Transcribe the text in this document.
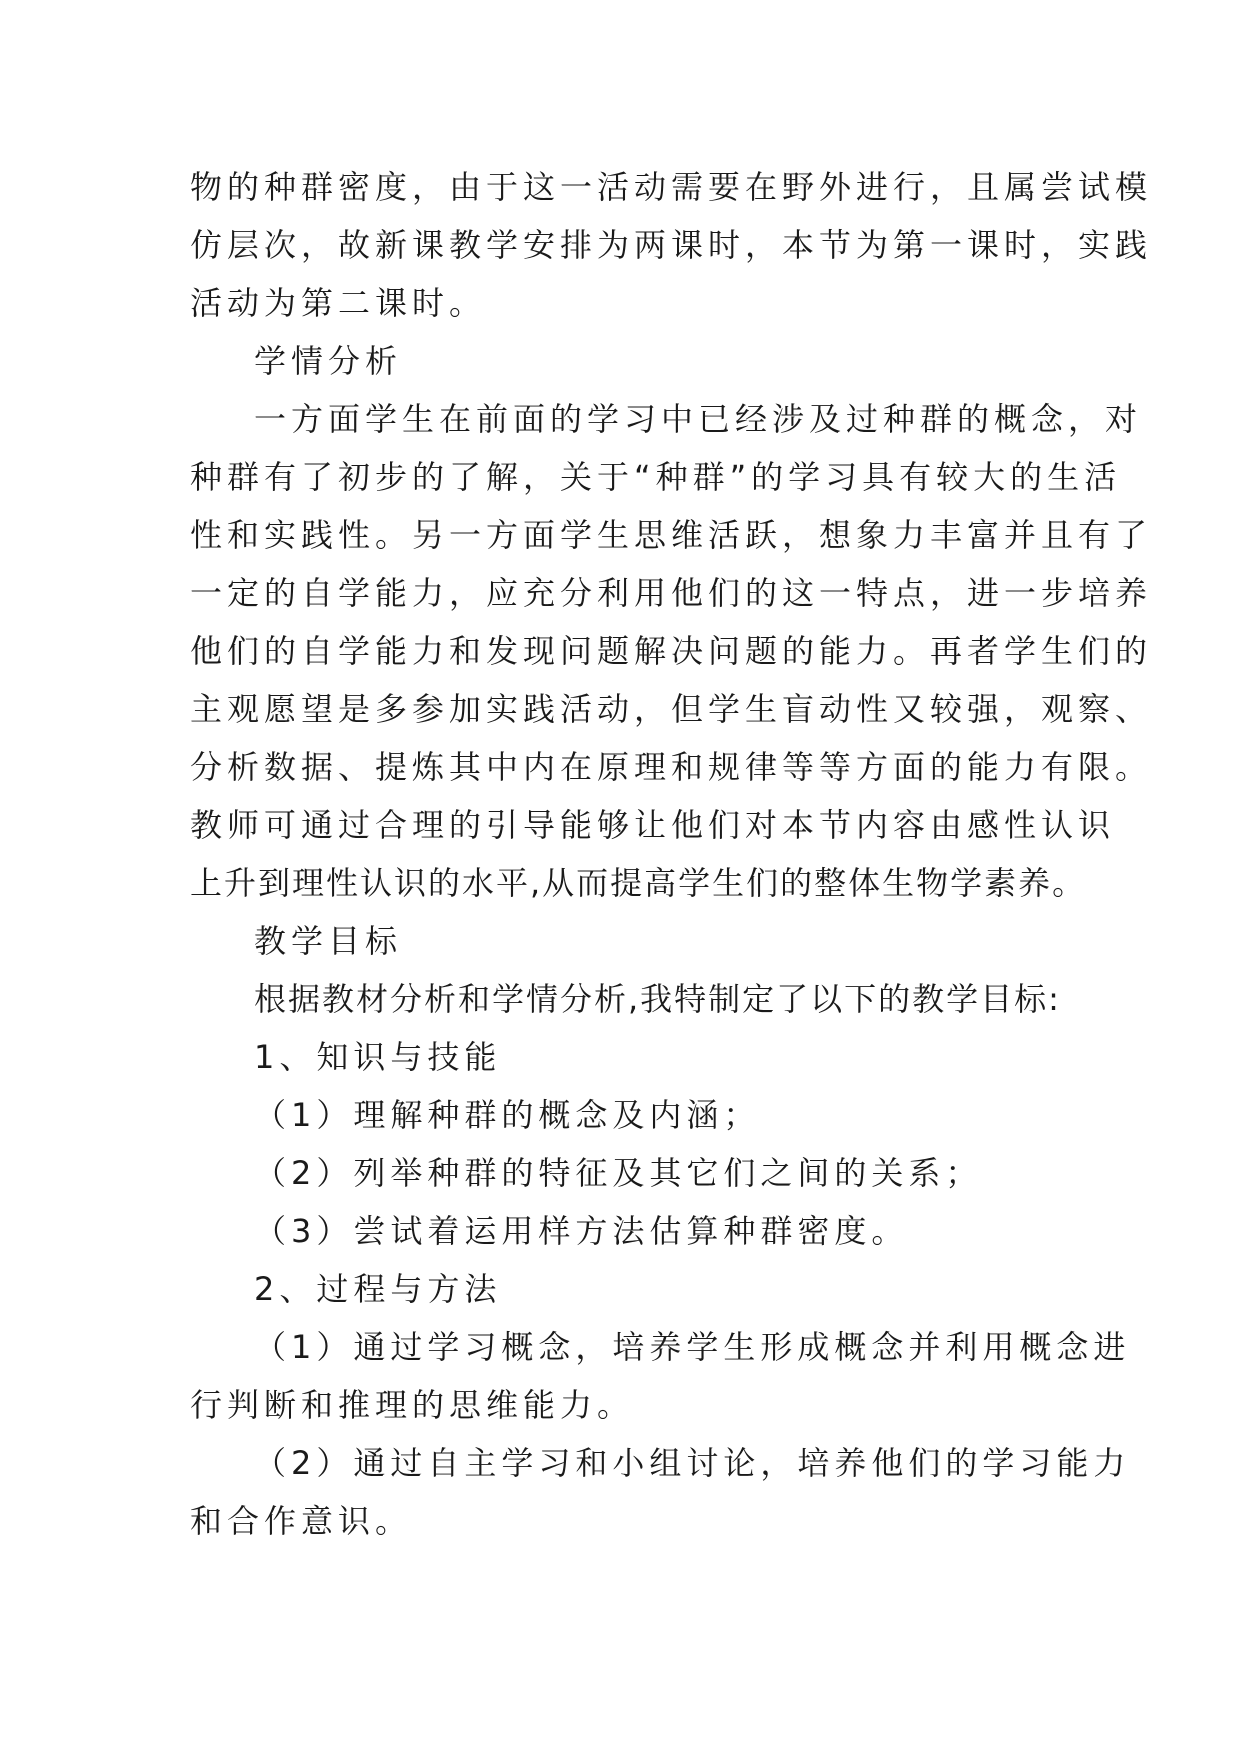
物的种群密度，由于这一活动需要在野外进行，且属尝试模
仿层次，故新课教学安排为两课时，本节为第一课时，实践
活动为第二课时。
学情分析
一方面学生在前面的学习中已经涉及过种群的概念，对
种群有了初步的了解，关于“种群”的学习具有较大的生活
性和实践性。另一方面学生思维活跃，想象力丰富并且有了
一定的自学能力，应充分利用他们的这一特点，进一步培养
他们的自学能力和发现问题解决问题的能力。再者学生们的
主观愿望是多参加实践活动，但学生盲动性又较强，观察、
分析数据、提炼其中内在原理和规律等等方面的能力有限。
教师可通过合理的引导能够让他们对本节内容由感性认识
上升到理性认识的水平,从而提高学生们的整体生物学素养。
教学目标
根据教材分析和学情分析,我特制定了以下的教学目标:
1、知识与技能
（1）理解种群的概念及内涵；
（2）列举种群的特征及其它们之间的关系；
（3）尝试着运用样方法估算种群密度。
2、过程与方法
（1）通过学习概念，培养学生形成概念并利用概念进
行判断和推理的思维能力。
（2）通过自主学习和小组讨论，培养他们的学习能力
和合作意识。
